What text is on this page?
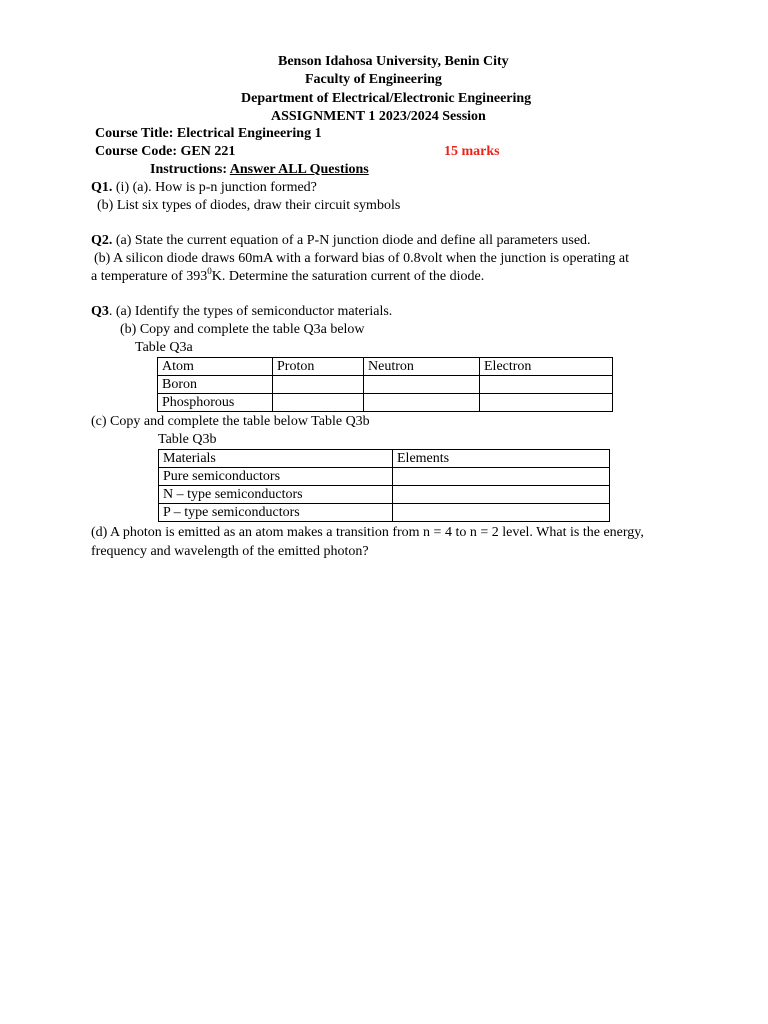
Benson Idahosa University, Benin City
Faculty of Engineering
Department of Electrical/Electronic Engineering
ASSIGNMENT 1 2023/2024 Session
Course Title: Electrical Engineering 1
Course Code: GEN 221	15 marks
Instructions: Answer ALL Questions
Q1. (i) (a). How is p-n junction formed?
(b) List six types of diodes, draw their circuit symbols
Q2. (a) State the current equation of a P-N junction diode and define all parameters used.
(b) A silicon diode draws 60mA with a forward bias of 0.8volt when the junction is operating at
a temperature of $393^0K$. Determine the saturation current of the diode.
Q3. (a) Identify the types of semiconductor materials.
(b) Copy and complete the table Q3a below
Table Q3a
Atom	Proton	Neutron	Electron
Boron			
Phosphorous			
(c) Copy and complete the table below Table Q3b
Table Q3b
Materials	Elements
Pure semiconductors	
N – type semiconductors	
P – type semiconductors	
(d) A photon is emitted as an atom makes a transition from n = 4 to n = 2 level. What is the energy,
frequency and wavelength of the emitted photon?
